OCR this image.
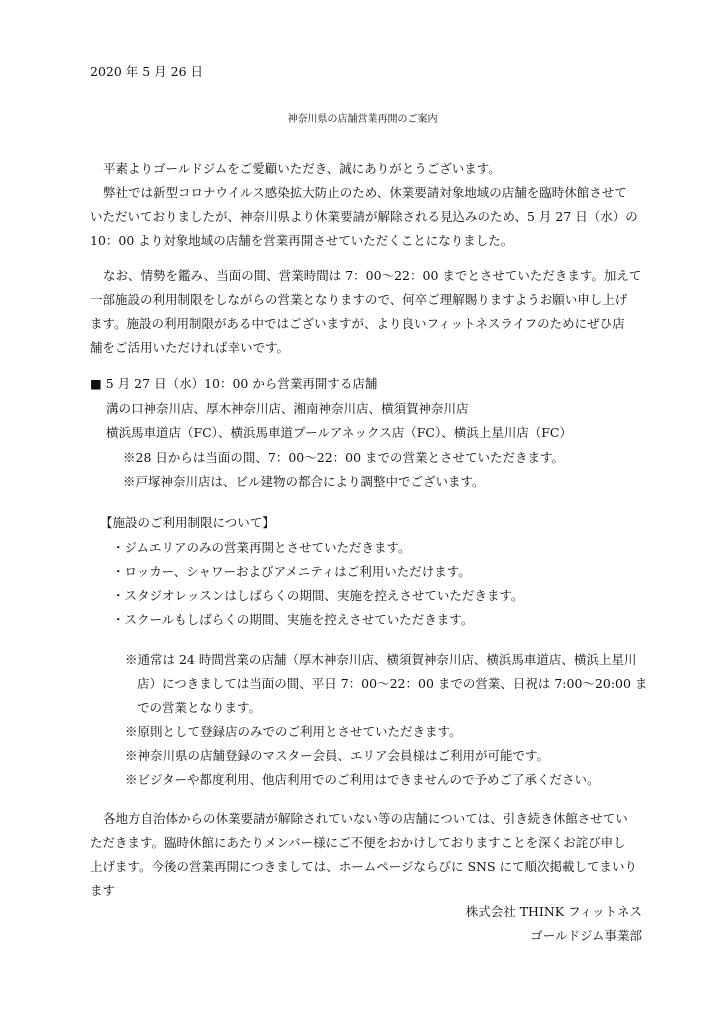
2020 年 5 月 26 日
神奈川県の店舗営業再開のご案内
平素よりゴールドジムをご愛顧いただき、誠にありがとうございます。
弊社では新型コロナウイルス感染拡大防止のため、休業要請対象地域の店舗を臨時休館させて
いただいておりましたが、神奈川県より休業要請が解除される見込みのため、5 月 27 日（水）の
10：00 より対象地域の店舗を営業再開させていただくことになりました。
なお、情勢を鑑み、当面の間、営業時間は 7：00〜22：00 までとさせていただきます。加えて
一部施設の利用制限をしながらの営業となりますので、何卒ご理解賜りますようお願い申し上げ
ます。施設の利用制限がある中ではございますが、より良いフィットネスライフのためにぜひ店
舗をご活用いただければ幸いです。
■ 5 月 27 日（水）10：00 から営業再開する店舗
溝の口神奈川店、厚木神奈川店、湘南神奈川店、横須賀神奈川店
横浜馬車道店（FC）、横浜馬車道プールアネックス店（FC）、横浜上星川店（FC）
※28 日からは当面の間、7：00〜22：00 までの営業とさせていただきます。
※戸塚神奈川店は、ビル建物の都合により調整中でございます。
【施設のご利用制限について】
・ジムエリアのみの営業再開とさせていただきます。
・ロッカー、シャワーおよびアメニティはご利用いただけます。
・スタジオレッスンはしばらくの期間、実施を控えさせていただきます。
・スクールもしばらくの期間、実施を控えさせていただきます。
※通常は 24 時間営業の店舗（厚木神奈川店、横須賀神奈川店、横浜馬車道店、横浜上星川
店）につきましては当面の間、平日 7：00〜22：00 までの営業、日祝は 7:00〜20:00 ま
での営業となります。
※原則として登録店のみでのご利用とさせていただきます。
※神奈川県の店舗登録のマスター会員、エリア会員様はご利用が可能です。
※ビジターや都度利用、他店利用でのご利用はできませんので予めご了承ください。
各地方自治体からの休業要請が解除されていない等の店舗については、引き続き休館させてい
ただきます。臨時休館にあたりメンバー様にご不便をおかけしておりますことを深くお詫び申し
上げます。今後の営業再開につきましては、ホームページならびに SNS にて順次掲載してまいり
ます
株式会社 THINK フィットネス
ゴールドジム事業部
